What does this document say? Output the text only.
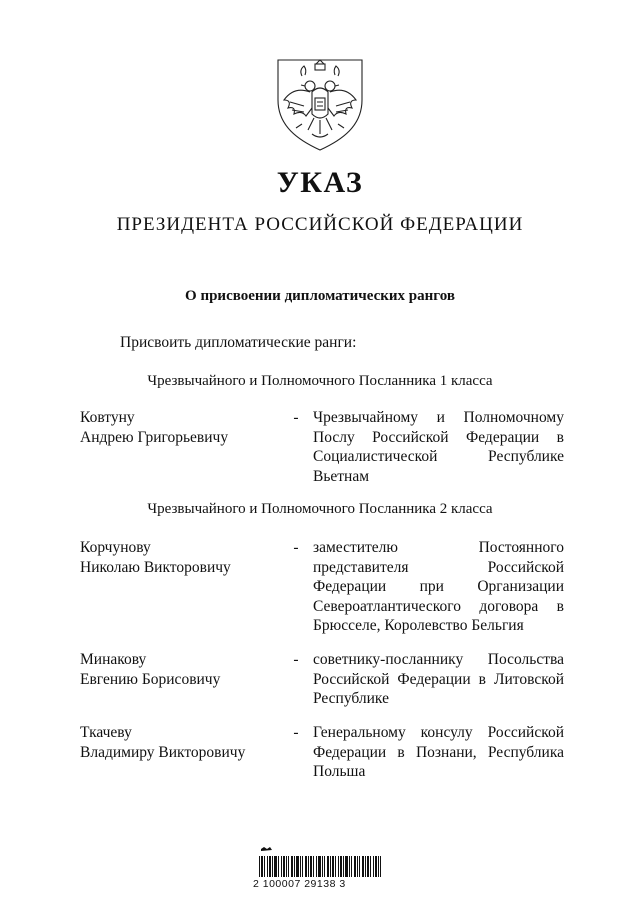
УКАЗ
ПРЕЗИДЕНТА РОССИЙСКОЙ ФЕДЕРАЦИИ
О присвоении дипломатических рангов
Присвоить дипломатические ранги:
Чрезвычайного и Полномочного Посланника 1 класса
Ковтуну
Андрею Григорьевичу
- Чрезвычайному и Полномочному Послу Российской Федерации в Социалистической Республике Вьетнам
Чрезвычайного и Полномочного Посланника 2 класса
Корчунову
Николаю Викторовичу
- заместителю Постоянного представителя Российской Федерации при Организации Североатлантического договора в Брюсселе, Королевство Бельгия
Минакову
Евгению Борисовичу
- советнику-посланнику Посольства Российской Федерации в Литовской Республике
Ткачеву
Владимиру Викторовичу
- Генеральному консулу Российской Федерации в Познани, Республика Польша
2 100007 29138 3
